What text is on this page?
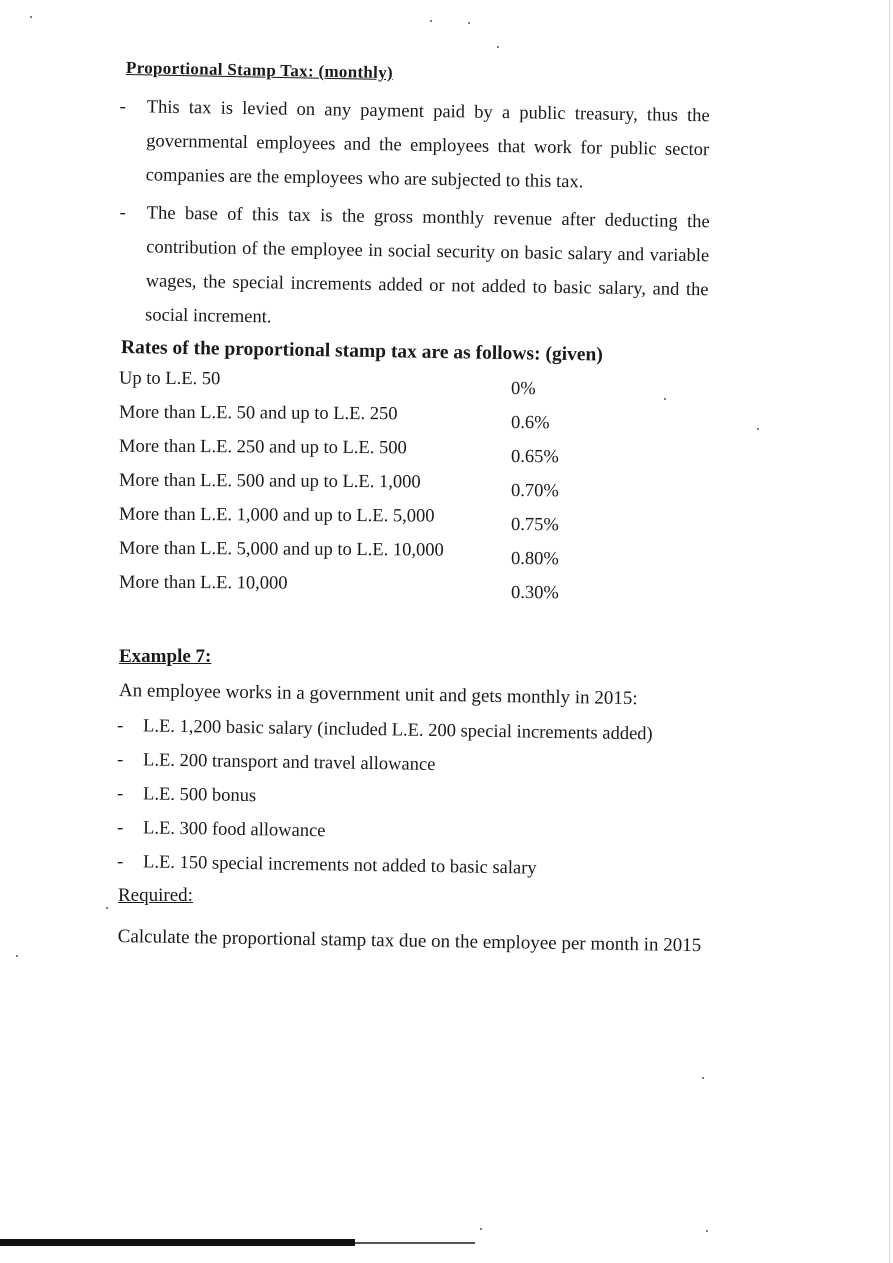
Proportional Stamp Tax: (monthly)
- This tax is levied on any payment paid by a public treasury, thus the governmental employees and the employees that work for public sector companies are the employees who are subjected to this tax.
- The base of this tax is the gross monthly revenue after deducting the contribution of the employee in social security on basic salary and variable wages, the special increments added or not added to basic salary, and the social increment.
Rates of the proportional stamp tax are as follows: (given)
Up to L.E. 50	0%
More than L.E. 50 and up to L.E. 250	0.6%
More than L.E. 250 and up to L.E. 500	0.65%
More than L.E. 500 and up to L.E. 1,000	0.70%
More than L.E. 1,000 and up to L.E. 5,000	0.75%
More than L.E. 5,000 and up to L.E. 10,000	0.80%
More than L.E. 10,000	0.30%
Example 7:
An employee works in a government unit and gets monthly in 2015:
- L.E. 1,200 basic salary (included L.E. 200 special increments added)
- L.E. 200 transport and travel allowance
- L.E. 500 bonus
- L.E. 300 food allowance
- L.E. 150 special increments not added to basic salary
Required:
Calculate the proportional stamp tax due on the employee per month in 2015
